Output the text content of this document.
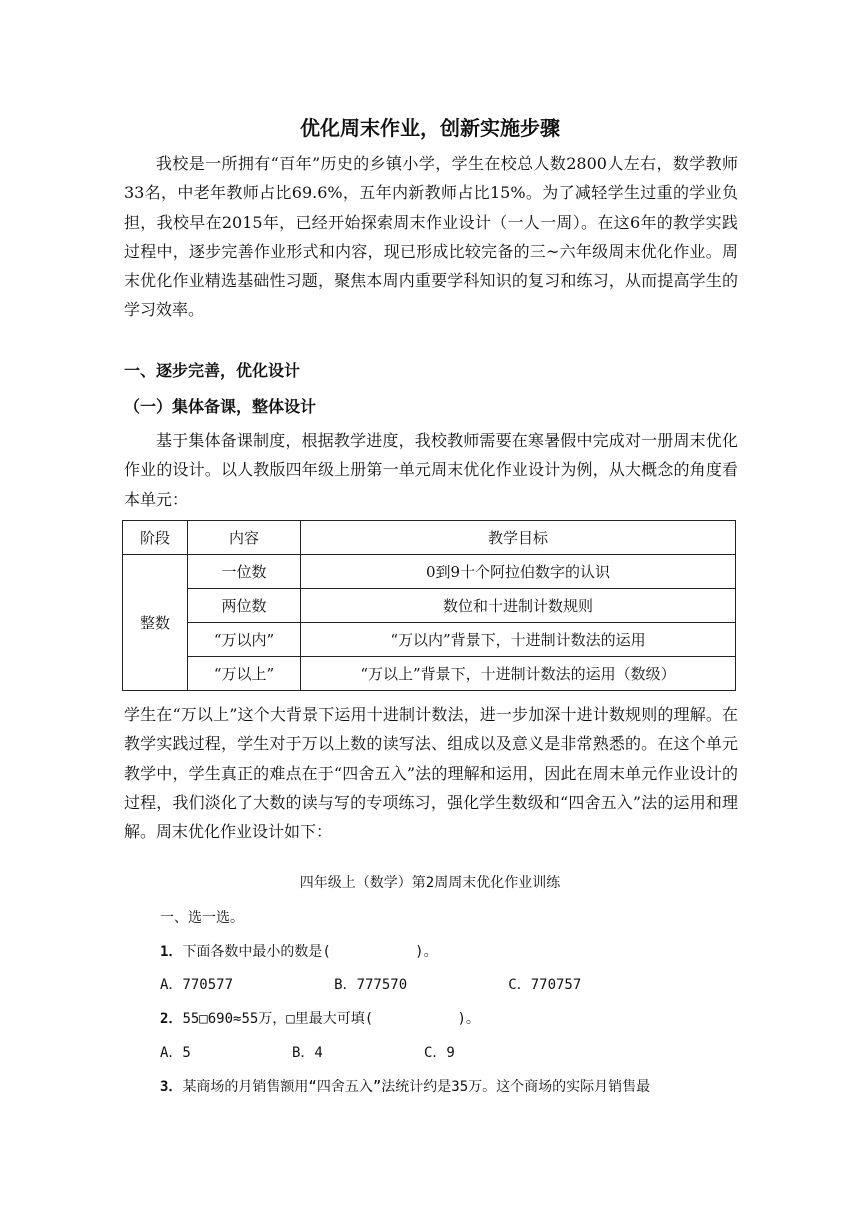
优化周末作业，创新实施步骤

我校是一所拥有“百年”历史的乡镇小学，学生在校总人数2800人左右，数学教师33名，中老年教师占比69.6%，五年内新教师占比15%。为了减轻学生过重的学业负担，我校早在2015年，已经开始探索周末作业设计（一人一周）。在这6年的教学实践过程中，逐步完善作业形式和内容，现已形成比较完备的三~六年级周末优化作业。周末优化作业精选基础性习题，聚焦本周内重要学科知识的复习和练习，从而提高学生的学习效率。

一、逐步完善，优化设计

（一）集体备课，整体设计

基于集体备课制度，根据教学进度，我校教师需要在寒暑假中完成对一册周末优化作业的设计。以人教版四年级上册第一单元周末优化作业设计为例，从大概念的角度看本单元：

阶段	内容	教学目标
整数	一位数	0到9十个阿拉伯数字的认识
	两位数	数位和十进制计数规则
	“万以内”	“万以内”背景下，十进制计数法的运用
	“万以上”	“万以上”背景下，十进制计数法的运用（数级）

学生在“万以上”这个大背景下运用十进制计数法，进一步加深十进计数规则的理解。在教学实践过程，学生对于万以上数的读写法、组成以及意义是非常熟悉的。在这个单元教学中，学生真正的难点在于“四舍五入”法的理解和运用，因此在周末单元作业设计的过程，我们淡化了大数的读与写的专项练习，强化学生数级和“四舍五入”法的运用和理解。周末优化作业设计如下：

四年级上（数学）第2周周末优化作业训练

一、选一选。

1．下面各数中最小的数是(          )。

A．770577            B．777570            C．770757

2．55□690≈55万，□里最大可填(          )。

A．5            B．4            C．9

3．某商场的月销售额用“四舍五入”法统计约是35万。这个商场的实际月销售最
